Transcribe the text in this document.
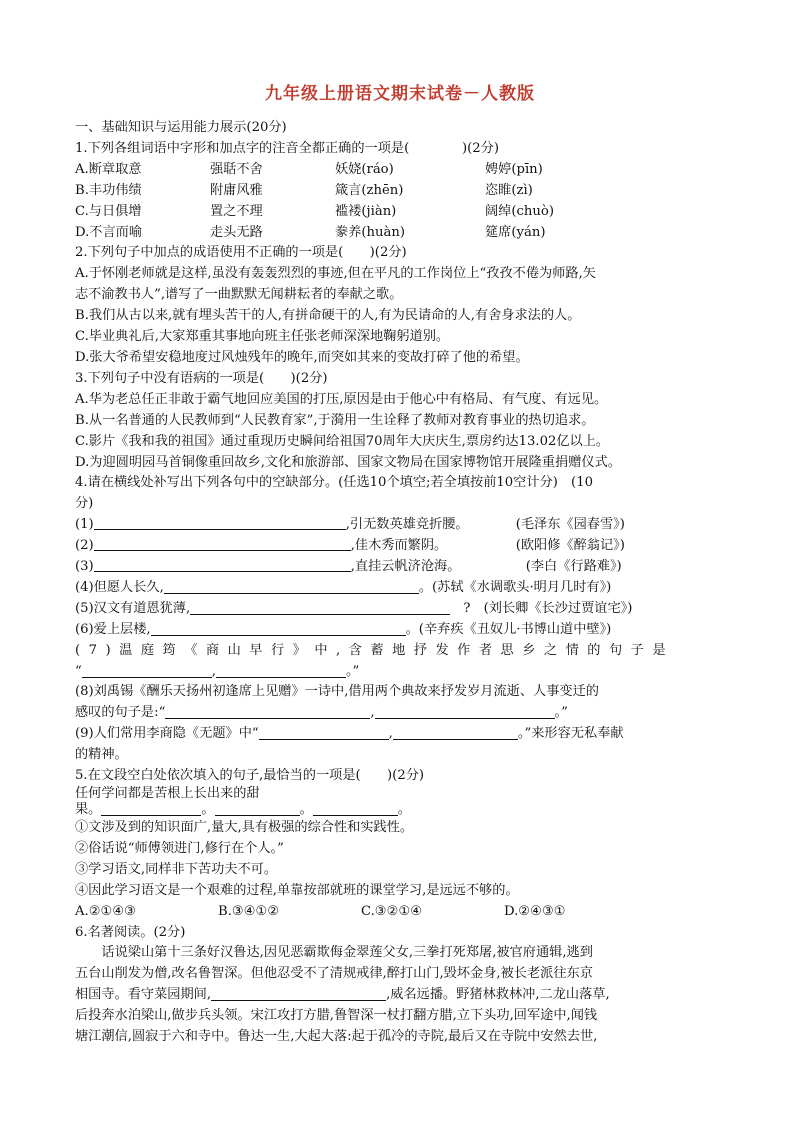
九年级上册语文期末试卷－人教版
一、基础知识与运用能力展示(20分)
1.下列各组词语中字形和加点字的注音全都正确的一项是(　　　　)(2分)
A.断章取意	强聒不舍	妖娆(ráo)	娉婷(pīn)
B.丰功伟绩	附庸风雅	箴言(zhēn)	恣睢(zì)
C.与日俱增	置之不理	褴褛(jiàn)	阔绰(chuò)
D.不言而喻	走头无路	豢养(huàn)	筵席(yán)
2.下列句子中加点的成语使用不正确的一项是(　　)(2分)
A.于怀刚老师就是这样,虽没有轰轰烈烈的事迹,但在平凡的工作岗位上“孜孜不倦为师路,矢
志不渝教书人”,谱写了一曲默默无闻耕耘者的奉献之歌。
B.我们从古以来,就有埋头苦干的人,有拼命硬干的人,有为民请命的人,有舍身求法的人。
C.毕业典礼后,大家郑重其事地向班主任张老师深深地鞠躬道别。
D.张大爷希望安稳地度过风烛残年的晚年,而突如其来的变故打碎了他的希望。
3.下列句子中没有语病的一项是(　　)(2分)
A.华为老总任正非敢于霸气地回应美国的打压,原因是由于他心中有格局、有气度、有远见。
B.从一名普通的人民教师到“人民教育家”,于漪用一生诠释了教师对教育事业的热切追求。
C.影片《我和我的祖国》通过重现历史瞬间给祖国70周年大庆庆生,票房约达13.02亿以上。
D.为迎圆明园马首铜像重回故乡,文化和旅游部、国家文物局在国家博物馆开展隆重捐赠仪式。
4.请在横线处补写出下列各句中的空缺部分。(任选10个填空;若全填按前10空计分)　(10
分)
(1)	,引无数英雄竞折腰。	(毛泽东《园春雪》)
(2)	,佳木秀而繁阴。	(欧阳修《醉翁记》)
(3)	,直挂云帆济沧海。	(李白《行路难》)
(4)但愿人长久,	。(苏轼《水调歌头·明月几时有》)
(5)汉文有道恩犹薄,　	?　(刘长卿《长沙过贾谊宅》)
(6)爱上层楼,	。(辛弃疾《丑奴儿·书博山道中壁》)
(7)温庭筠《商山早行》中,含蓄地抒发作者思乡之情的句子是
“	,	。”
(8)刘禹锡《酬乐天扬州初逢席上见赠》一诗中,借用两个典故来抒发岁月流逝、人事变迁的
感叹的句子是:“	,	。”
(9)人们常用李商隐《无题》中“	,	。”来形容无私奉献
的精神。
5.在文段空白处依次填入的句子,最恰当的一项是(　　)(2分)
任何学问都是苦根上长出来的甜
果。	。	。	。
①文涉及到的知识面广,量大,具有极强的综合性和实践性。
②俗话说“师傅领进门,修行在个人。”
③学习语文,同样非下苦功夫不可。
④因此学习语文是一个艰难的过程,单靠按部就班的课堂学习,是远远不够的。
A.②①④③	B.③④①②	C.③②①④	D.②④③①
6.名著阅读。(2分)
话说梁山第十三条好汉鲁达,因见恶霸欺侮金翠莲父女,三拳打死郑屠,被官府通辑,逃到
五台山削发为僧,改名鲁智深。但他忍受不了清规戒律,醉打山门,毁坏金身,被长老派往东京
相国寺。看守菜园期间,	,威名远播。野猪林救林冲,二龙山落草,
后投奔水泊梁山,做步兵头领。宋江攻打方腊,鲁智深一杖打翻方腊,立下头功,回军途中,闻钱
塘江潮信,圆寂于六和寺中。鲁达一生,大起大落:起于孤冷的寺院,最后又在寺院中安然去世,
